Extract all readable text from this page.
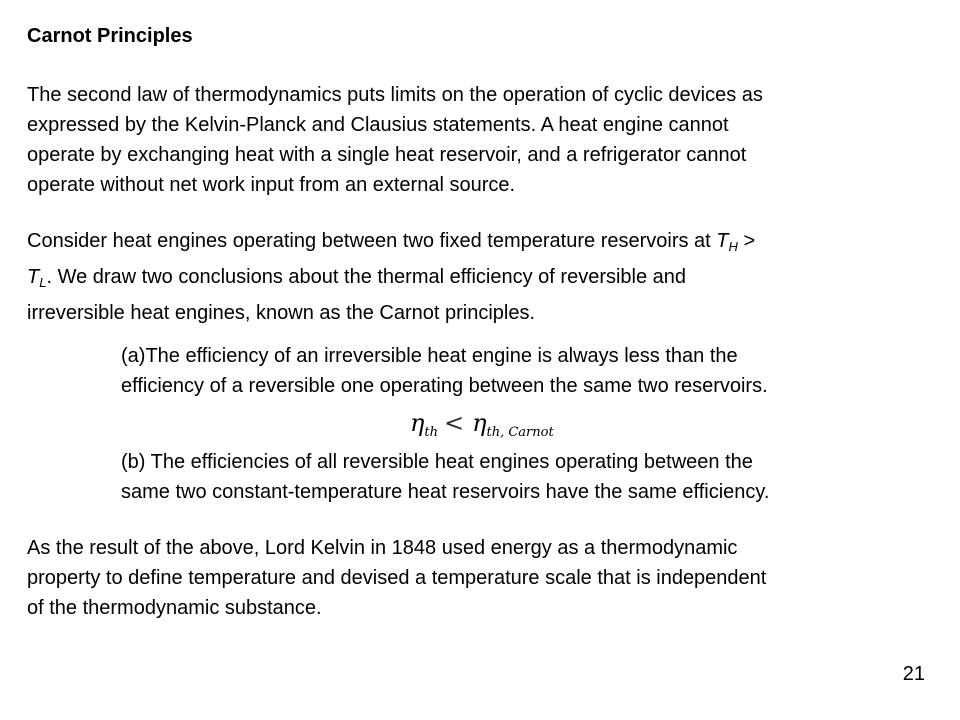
Carnot Principles
The second law of thermodynamics puts limits on the operation of cyclic devices as
expressed by the Kelvin-Planck and Clausius statements. A heat engine cannot
operate by exchanging heat with a single heat reservoir, and a refrigerator cannot
operate without net work input from an external source.
Consider heat engines operating between two fixed temperature reservoirs at $T_H$ >
$T_L$. We draw two conclusions about the thermal efficiency of reversible and
irreversible heat engines, known as the Carnot principles.
(a)The efficiency of an irreversible heat engine is always less than the
efficiency of a reversible one operating between the same two reservoirs.
$\eta_{th} < \eta_{th, Carnot}$
(b) The efficiencies of all reversible heat engines operating between the
same two constant-temperature heat reservoirs have the same efficiency.
As the result of the above, Lord Kelvin in 1848 used energy as a thermodynamic
property to define temperature and devised a temperature scale that is independent
of the thermodynamic substance.
21
